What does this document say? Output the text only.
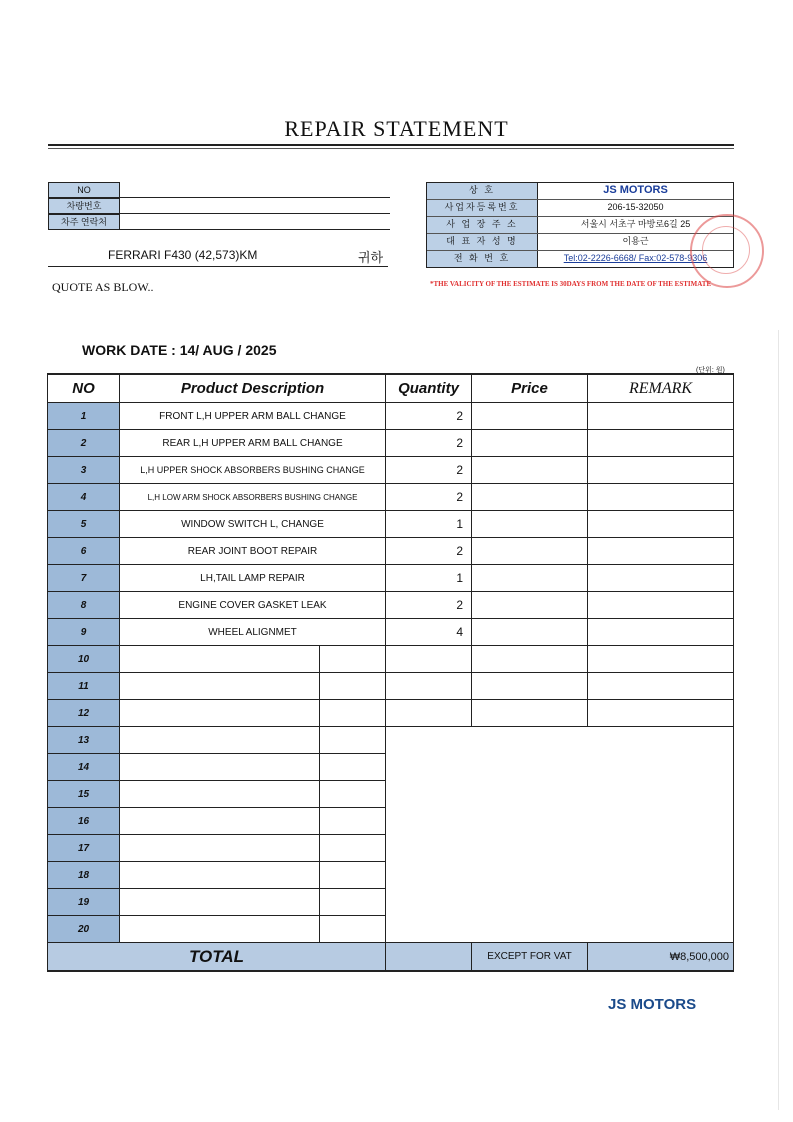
REPAIR STATEMENT
NO
차량번호
차주 연락처
FERRARI F430 (42,573)KM	귀하
QUOTE AS BLOW..
상 호	JS MOTORS
사업자등록번호	206-15-32050
사 업 장 주 소	서울시 서초구 마방로6길 25
대 표 자 성 명	이용근
전 화 번 호	Tel:02-2226-6668/ Fax:02-578-9306
*THE VALICITY OF THE ESTIMATE IS 30DAYS FROM THE DATE OF THE ESTIMATE
WORK DATE : 14/ AUG / 2025
(단위: 원)
NO	Product Description		Quantity	Price	REMARK
1	FRONT L,H UPPER ARM BALL CHANGE		2		
2	REAR L,H UPPER ARM BALL CHANGE		2		
3	L,H UPPER SHOCK ABSORBERS BUSHING CHANGE		2		
4	L,H LOW ARM SHOCK ABSORBERS BUSHING CHANGE		2		
5	WINDOW SWITCH L, CHANGE		1		
6	REAR JOINT BOOT REPAIR		2		
7	LH,TAIL LAMP REPAIR		1		
8	ENGINE COVER GASKET LEAK		2		
9	WHEEL ALIGNMET		4		
10					
11					
12					
13					
14					
15					
16					
17					
18					
19					
20					
TOTAL				EXCEPT FOR VAT	₩8,500,000
JS MOTORS
